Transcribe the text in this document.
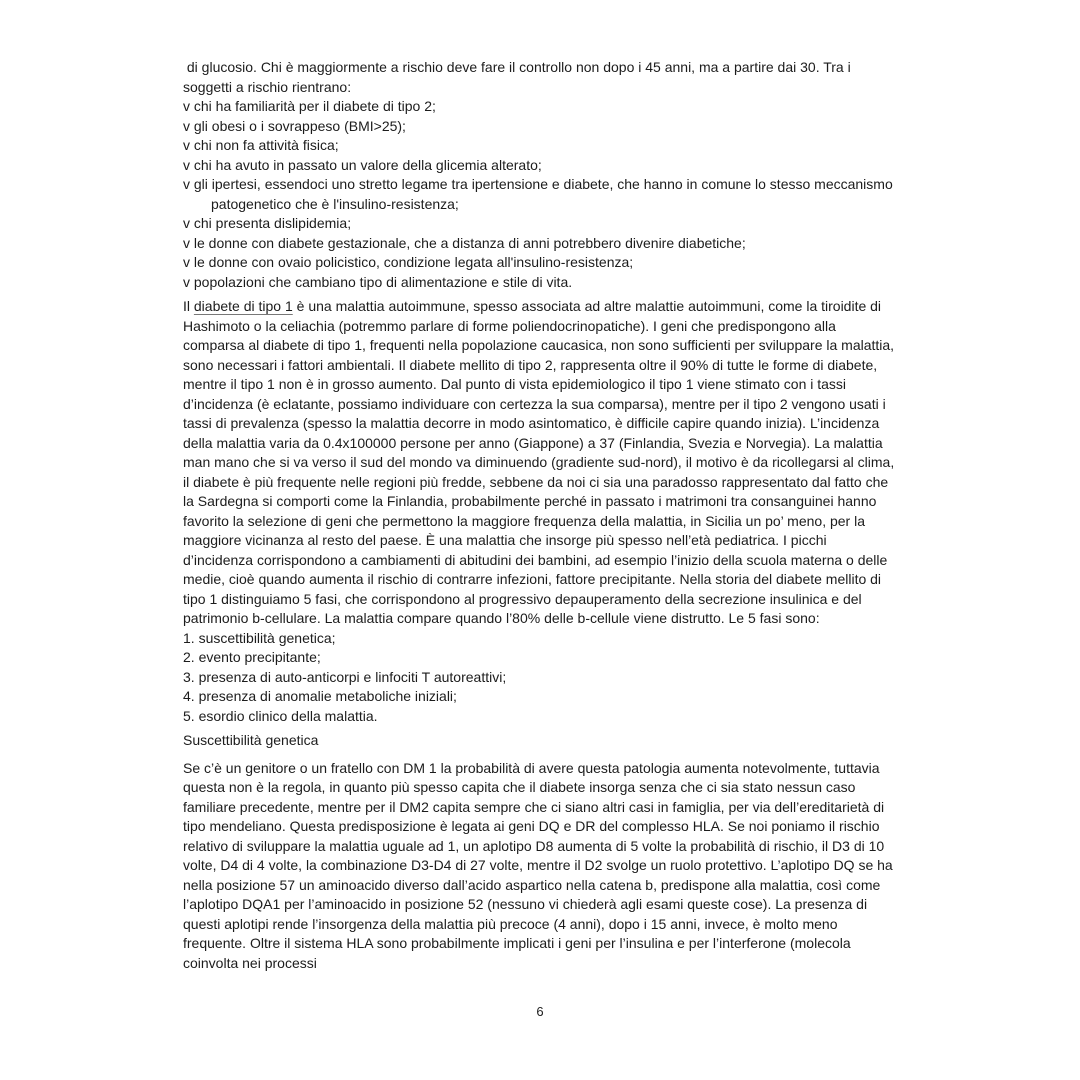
di glucosio. Chi è maggiormente a rischio deve fare il controllo non dopo i 45 anni, ma a partire dai 30. Tra i soggetti a rischio rientrano:

v chi ha familiarità per il diabete di tipo 2;
v gli obesi o i sovrappeso (BMI>25);
v chi non fa attività fisica;
v chi ha avuto in passato un valore della glicemia alterato;
v gli ipertesi, essendoci uno stretto legame tra ipertensione e diabete, che hanno in comune lo stesso meccanismo patogenetico che è l'insulino-resistenza;
v chi presenta dislipidemia;
v le donne con diabete gestazionale, che a distanza di anni potrebbero divenire diabetiche;
v le donne con ovaio policistico, condizione legata all'insulino-resistenza;
v popolazioni che cambiano tipo di alimentazione e stile di vita.

Il diabete di tipo 1 è una malattia autoimmune, spesso associata ad altre malattie autoimmuni, come la tiroidite di Hashimoto o la celiachia (potremmo parlare di forme poliendocrinopatiche). I geni che predispongono alla comparsa al diabete di tipo 1, frequenti nella popolazione caucasica, non sono sufficienti per sviluppare la malattia, sono necessari i fattori ambientali. Il diabete mellito di tipo 2, rappresenta oltre il 90% di tutte le forme di diabete, mentre il tipo 1 non è in grosso aumento. Dal punto di vista epidemiologico il tipo 1 viene stimato con i tassi d’incidenza (è eclatante, possiamo individuare con certezza la sua comparsa), mentre per il tipo 2 vengono usati i tassi di prevalenza (spesso la malattia decorre in modo asintomatico, è difficile capire quando inizia). L’incidenza della malattia varia da 0.4x100000 persone per anno (Giappone) a 37 (Finlandia, Svezia e Norvegia). La malattia man mano che si va verso il sud del mondo va diminuendo (gradiente sud-nord), il motivo è da ricollegarsi al clima, il diabete è più frequente nelle regioni più fredde, sebbene da noi ci sia una paradosso rappresentato dal fatto che la Sardegna si comporti come la Finlandia, probabilmente perché in passato i matrimoni tra consanguinei hanno favorito la selezione di geni che permettono la maggiore frequenza della malattia, in Sicilia un po’ meno, per la maggiore vicinanza al resto del paese. È una malattia che insorge più spesso nell’età pediatrica. I picchi d’incidenza corrispondono a cambiamenti di abitudini dei bambini, ad esempio l’inizio della scuola materna o delle medie, cioè quando aumenta il rischio di contrarre infezioni, fattore precipitante. Nella storia del diabete mellito di tipo 1 distinguiamo 5 fasi, che corrispondono al progressivo depauperamento della secrezione insulinica e del patrimonio b-cellulare. La malattia compare quando l’80% delle b-cellule viene distrutto. Le 5 fasi sono:

1. suscettibilità genetica;
2. evento precipitante;
3. presenza di auto-anticorpi e linfociti T autoreattivi;
4. presenza di anomalie metaboliche iniziali;
5. esordio clinico della malattia.

Suscettibilità genetica

Se c’è un genitore o un fratello con DM 1 la probabilità di avere questa patologia aumenta notevolmente, tuttavia questa non è la regola, in quanto più spesso capita che il diabete insorga senza che ci sia stato nessun caso familiare precedente, mentre per il DM2 capita sempre che ci siano altri casi in famiglia, per via dell’ereditarietà di tipo mendeliano. Questa predisposizione è legata ai geni DQ e DR del complesso HLA. Se noi poniamo il rischio relativo di sviluppare la malattia uguale ad 1, un aplotipo D8 aumenta di 5 volte la probabilità di rischio, il D3 di 10 volte, D4 di 4 volte, la combinazione D3-D4 di 27 volte, mentre il D2 svolge un ruolo protettivo. L’aplotipo DQ se ha nella posizione 57 un aminoacido diverso dall’acido aspartico nella catena b, predispone alla malattia, così come l’aplotipo DQA1 per l’aminoacido in posizione 52 (nessuno vi chiederà agli esami queste cose). La presenza di questi aplotipi rende l’insorgenza della malattia più precoce (4 anni), dopo i 15 anni, invece, è molto meno frequente. Oltre il sistema HLA sono probabilmente implicati i geni per l’insulina e per l’interferone (molecola coinvolta nei processi

6
